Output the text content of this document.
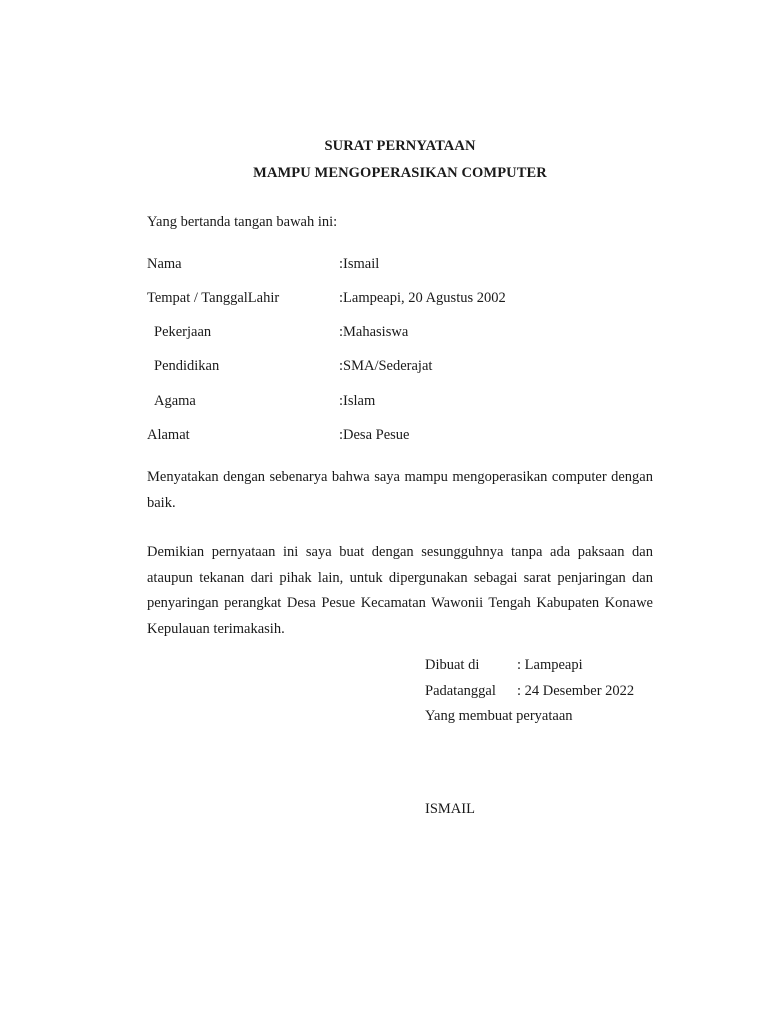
SURAT PERNYATAAN
MAMPU MENGOPERASIKAN COMPUTER
Yang bertanda tangan bawah ini:
Nama	:Ismail
Tempat / TanggalLahir	:Lampeapi, 20 Agustus 2002
Pekerjaan	:Mahasiswa
Pendidikan	:SMA/Sederajat
Agama	:Islam
Alamat	:Desa Pesue
Menyatakan dengan sebenarya bahwa saya mampu mengoperasikan computer dengan baik.
Demikian pernyataan ini saya buat dengan sesungguhnya tanpa ada paksaan dan ataupun tekanan dari pihak lain, untuk dipergunakan sebagai sarat penjaringan dan penyaringan perangkat Desa Pesue Kecamatan Wawonii Tengah Kabupaten Konawe Kepulauan terimakasih.
Dibuat di	: Lampeapi
Padatanggal : 24 Desember 2022
Yang membuat peryataan
ISMAIL
